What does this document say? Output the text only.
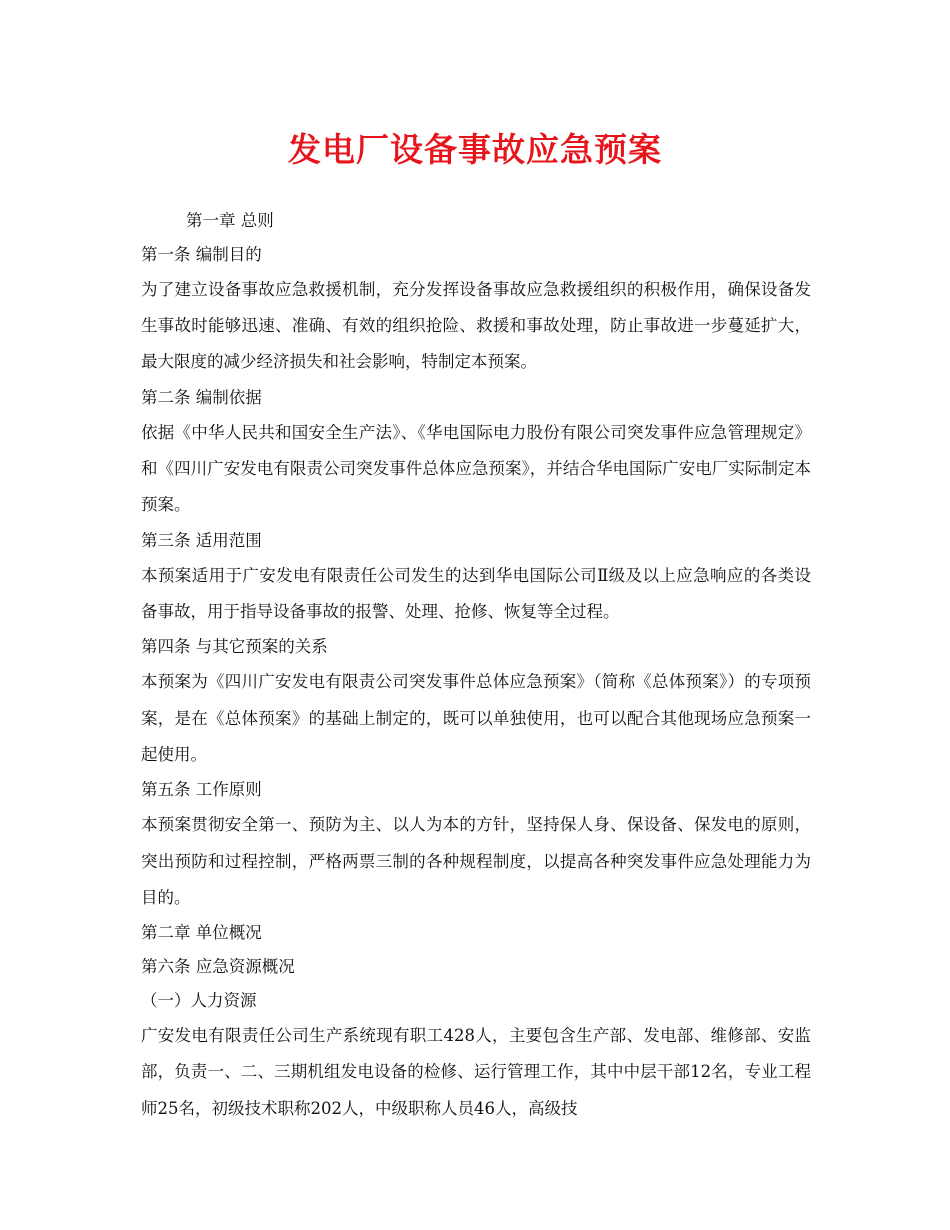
发电厂设备事故应急预案
第一章 总则
第一条 编制目的

为了建立设备事故应急救援机制，充分发挥设备事故应急救援组织的积极作用，确保设备发生事故时能够迅速、准确、有效的组织抢险、救援和事故处理，防止事故进一步蔓延扩大，最大限度的减少经济损失和社会影响，特制定本预案。

第二条 编制依据

依据《中华人民共和国安全生产法》、《华电国际电力股份有限公司突发事件应急管理规定》和《四川广安发电有限责公司突发事件总体应急预案》，并结合华电国际广安电厂实际制定本预案。

第三条 适用范围

本预案适用于广安发电有限责任公司发生的达到华电国际公司Ⅱ级及以上应急响应的各类设备事故，用于指导设备事故的报警、处理、抢修、恢复等全过程。

第四条 与其它预案的关系

本预案为《四川广安发电有限责公司突发事件总体应急预案》（简称《总体预案》）的专项预案，是在《总体预案》的基础上制定的，既可以单独使用，也可以配合其他现场应急预案一起使用。

第五条 工作原则

本预案贯彻安全第一、预防为主、以人为本的方针，坚持保人身、保设备、保发电的原则，突出预防和过程控制，严格两票三制的各种规程制度，以提高各种突发事件应急处理能力为目的。

第二章 单位概况
第六条 应急资源概况
（一）人力资源

广安发电有限责任公司生产系统现有职工428人，主要包含生产部、发电部、维修部、安监部，负责一、二、三期机组发电设备的检修、运行管理工作，其中中层干部12名，专业工程师25名，初级技术职称202人，中级职称人员46人，高级技
